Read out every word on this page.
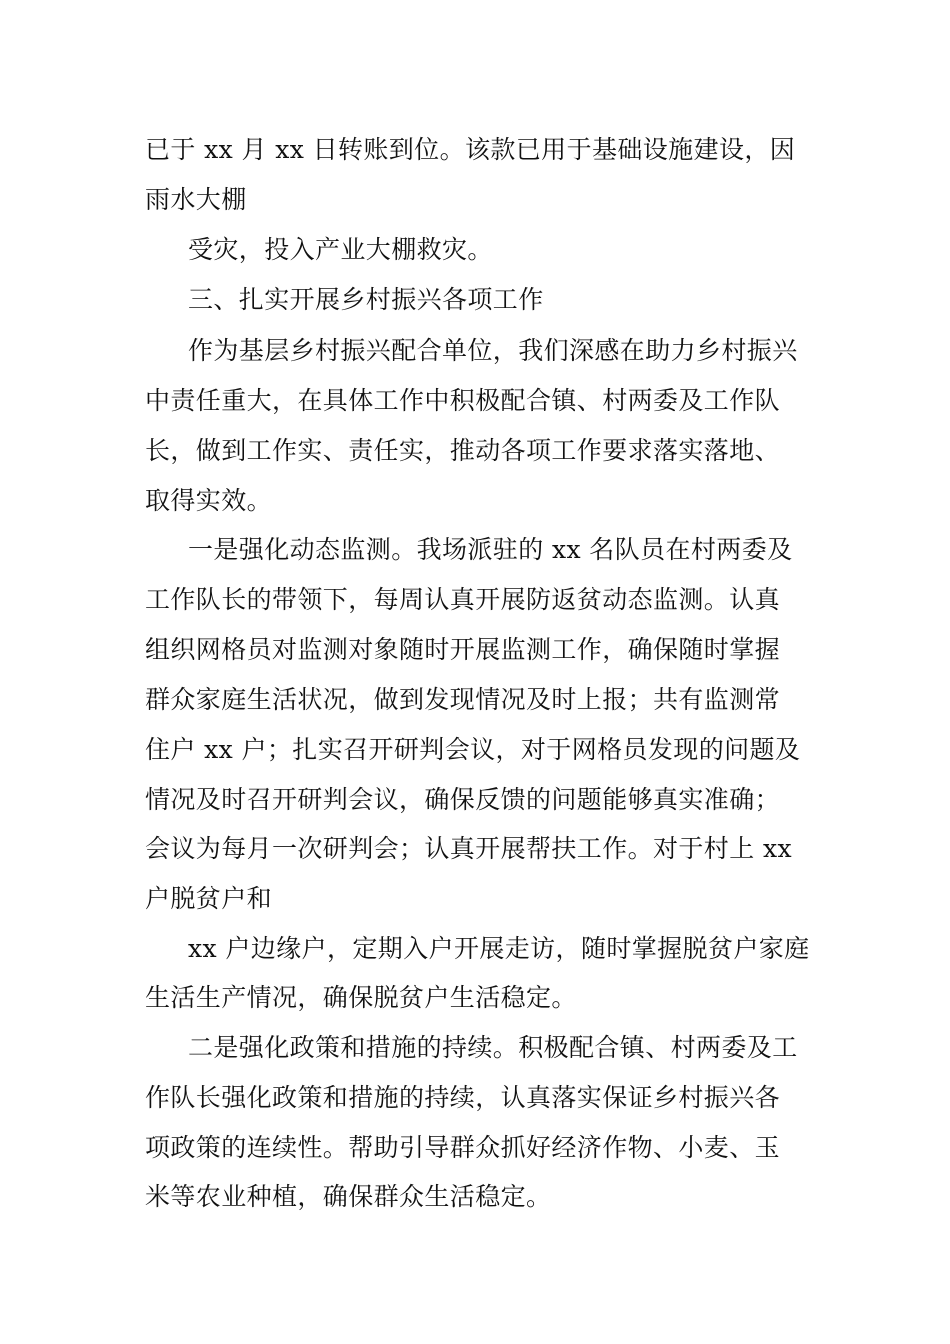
已于 xx 月 xx 日转账到位。该款已用于基础设施建设，因

雨水大棚

受灾，投入产业大棚救灾。

三、扎实开展乡村振兴各项工作

作为基层乡村振兴配合单位，我们深感在助力乡村振兴

中责任重大，在具体工作中积极配合镇、村两委及工作队

长，做到工作实、责任实，推动各项工作要求落实落地、

取得实效。

一是强化动态监测。我场派驻的 xx 名队员在村两委及

工作队长的带领下，每周认真开展防返贫动态监测。认真

组织网格员对监测对象随时开展监测工作，确保随时掌握

群众家庭生活状况，做到发现情况及时上报；共有监测常

住户 xx 户；扎实召开研判会议，对于网格员发现的问题及

情况及时召开研判会议，确保反馈的问题能够真实准确；

会议为每月一次研判会；认真开展帮扶工作。对于村上 xx

户脱贫户和

xx 户边缘户，定期入户开展走访，随时掌握脱贫户家庭

生活生产情况，确保脱贫户生活稳定。

二是强化政策和措施的持续。积极配合镇、村两委及工

作队长强化政策和措施的持续，认真落实保证乡村振兴各

项政策的连续性。帮助引导群众抓好经济作物、小麦、玉

米等农业种植，确保群众生活稳定。
